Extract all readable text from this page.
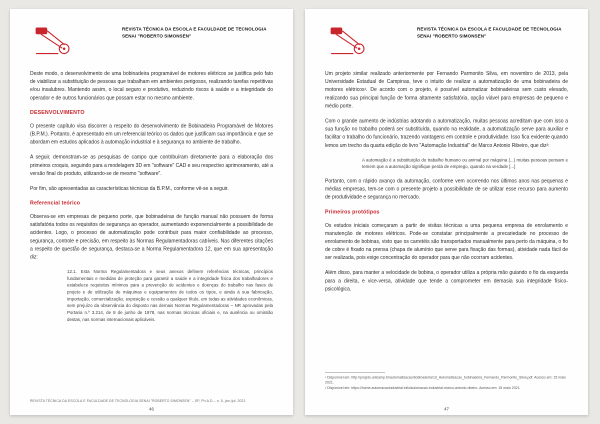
REVISTA TÉCNICA DA ESCOLA E FACULDADE DE TECNOLOGIA
SENAI "ROBERTO SIMONSEN"

Deste modo, o desenvolvimento de uma bobinadeira programável de motores elétricos se justifica pelo fato de viabilizar a substituição de pessoas que trabalham em ambientes perigosos, realizando tarefas repetitivas e/ou insalubres. Mantendo assim, o local seguro e produtivo, reduzindo riscos à saúde e a integridade do operador e de outros funcionários que possam estar no mesmo ambiente.

DESENVOLVIMENTO

O presente capítulo visa discorrer a respeito do desenvolvimento de Bobinadeira Programável de Motores (B.P.M.). Portanto, é apresentado em um referencial teórico os dados que justificam sua importância e que se abordam em estudos aplicados à automação industrial e à segurança no ambiente de trabalho.

A seguir, demonstram-se as pesquisas de campo que contribuíram diretamente para a elaboração dos primeiros croquis, seguindo para a modelagem 3D em "software" CAD e seu respectivo aprimoramento, até a versão final do produto, utilizando-se de mesmo "software".

Por fim, são apresentadas as características técnicas da B.P.M., conforme vê-se a seguir.

Referencial teórico

Observa-se em empresas de pequeno porte, que bobinadeiras de função manual não possuem de forma satisfatória todos os requisitos de segurança ao operador, aumentando exponencialmente a possibilidade de acidentes. Logo, o processo de automatização pode contribuir para maior confiabilidade ao processo, segurança, controle e precisão, em respeito às Normas Regulamentadoras cabíveis. Nas diferentes citações a respeito de questão de segurança, destaca-se a Norma Regulamentadora 12, que em sua apresentação diz:

12.1. Esta Norma Regulamentadora e seus anexos definem referências técnicas, princípios fundamentais e medidas de proteção para garantir a saúde e a integridade física dos trabalhadores e estabelece requisitos mínimos para a prevenção de acidentes e doenças do trabalho nas fases de projeto e de utilização de máquinas e equipamentos de todos os tipos, e ainda à sua fabricação, importação, comercialização, exposição e cessão a qualquer título, em todas as atividades econômicas, sem prejuízo da observância do disposto nas demais Normas Regulamentadoras – NR aprovadas pela Portaria n.º 3.214, de 8 de junho de 1978, nas normas técnicas oficiais e, na ausência ou omissão destas, nas normas internacionais aplicáveis.
REVISTA TÉCNICA DA ESCOLA E FACULDADE DE TECNOLOGIA SENAI "ROBERTO SIMONSEN" – SP, Ph.A.D – n. 5, jan./jul. 2021
46
REVISTA TÉCNICA DA ESCOLA E FACULDADE DE TECNOLOGIA
SENAI "ROBERTO SIMONSEN"

Um projeto similar realizado anteriormente por Fernando Parmonito Silva, em novembro de 2013, pela Universidade Estadual de Campinas, teve o intuito de realizar a automatização de uma bobinadeira de motores elétricos¹. De acordo com o projeto, é possível automatizar bobinadeiras sem custo elevado, realizando sua principal função de forma altamente satisfatória, opção viável para empresas de pequeno e médio porte.

Com o grande aumento de indústrias adotando a automatização, muitas pessoas acreditam que com isso a sua função no trabalho poderá ser substituída, quando na realidade, a automatização serve para auxiliar e facilitar o trabalho do funcionário, trazendo vantagens em controle e produtividade. Isso fica evidente quando lemos um trecho da quarta edição do livro "Automação Industrial" de Marco Antonio Ribeiro, que diz²:

A automação é a substituição do trabalho humano ou animal por máquina (...) muitas pessoas pensam e temem que a automação signifique perda de emprego, quando na verdade [...]

Portanto, com o rápido avanço da automação, conforme vem ocorrendo nos últimos anos nas pequenas e médias empresas, tem-se com o presente projeto a possibilidade de se utilizar esse recurso para aumento de produtividade e segurança no mercado.

Primeiros protótipos

Os estudos iniciais começaram a partir de visitas técnicas a uma pequena empresa de enrolamento e manutenção de motores elétricos. Pode-se constatar principalmente a precariedade no processo de enrolamento de bobinas, visto que os carretéis são transportados manualmente para perto da máquina, o fio de cobre é fixado na prensa (chapa de alumínio que serve para fixação das formas), atividade nada fácil de ser realizada, pois exige concentração do operador para que não ocorram acidentes.

Além disso, para manter a velocidade de bobina, o operador utiliza a própria mão guiando o fio da esquerda para a direita, e vice-versa, atividade que tende a comprometer em demasia sua integridade físico-psicológica.

¹ Disponível em: http://projeto.unicamp.br/automatizacao/bobinadeira/13_Automatizacao_bobinadeira_Fernando_Parmonito_Silva.pdf. Acesso em: 15 maio 2021.
² Disponível em: https://home.automacaoindustrial.info/automacao-industrial-marco-antonio-ribeiro. Acesso em: 15 maio 2021.
47
